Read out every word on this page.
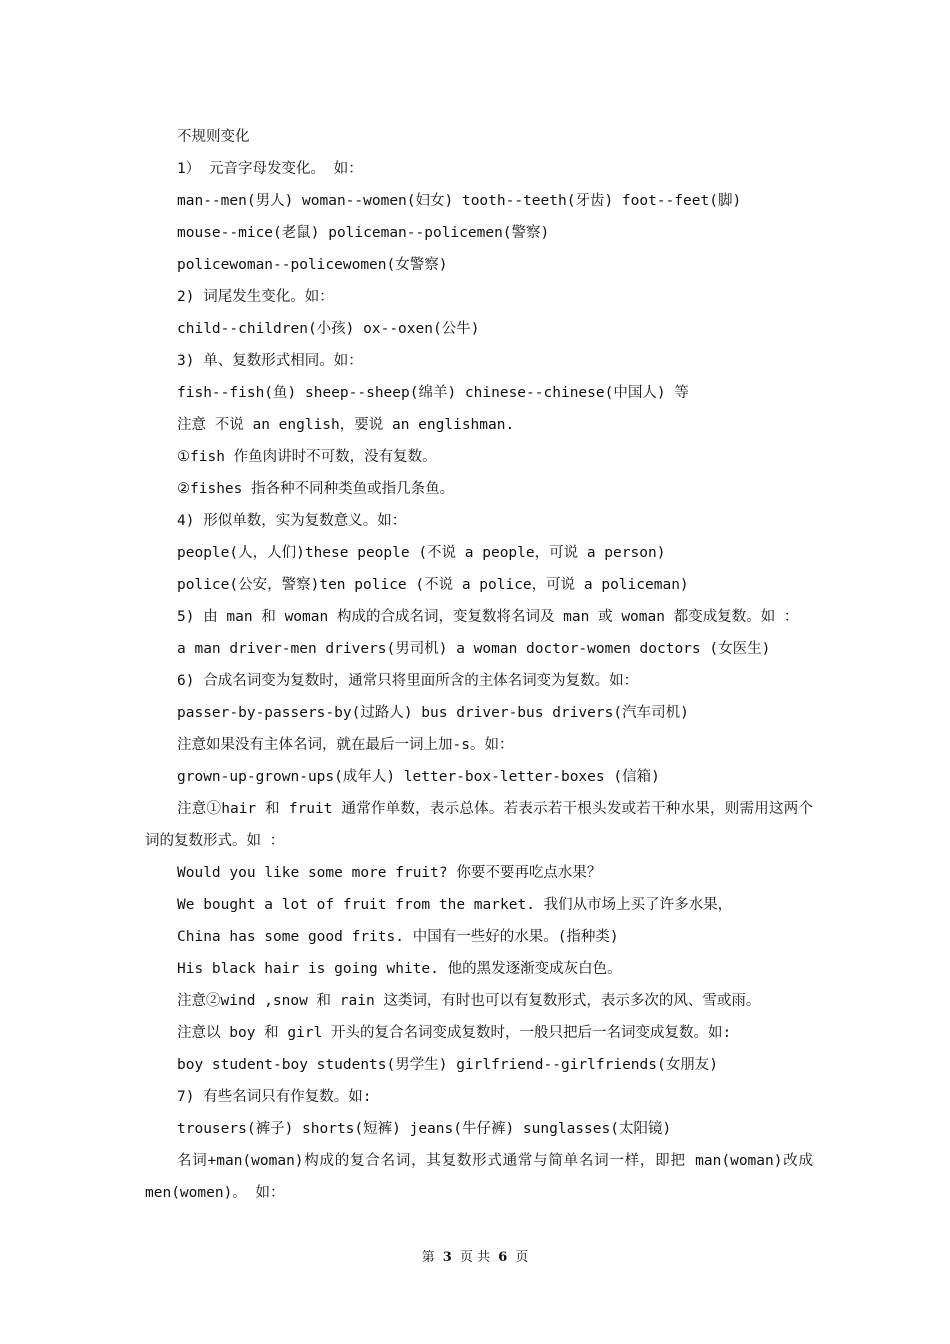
不规则变化
1） 元音字母发变化。 如：
man--men(男人) woman--women(妇女) tooth--teeth(牙齿) foot--feet(脚)
mouse--mice(老鼠) policeman--policemen(警察)
policewoman--policewomen(女警察)
2) 词尾发生变化。如：
child--children(小孩) ox--oxen(公牛)
3) 单、复数形式相同。如：
fish--fish(鱼) sheep--sheep(绵羊) chinese--chinese(中国人) 等
注意 不说 an english，要说 an englishman.
①fish 作鱼肉讲时不可数，没有复数。
②fishes 指各种不同种类鱼或指几条鱼。
4) 形似单数，实为复数意义。如：
people(人，人们)these people (不说 a people，可说 a person)
police(公安，警察)ten police (不说 a police，可说 a policeman)
5) 由 man 和 woman 构成的合成名词，变复数将名词及 man 或 woman 都变成复数。如 ：
a man driver-men drivers(男司机) a woman doctor-women doctors (女医生)
6) 合成名词变为复数时，通常只将里面所含的主体名词变为复数。如：
passer-by-passers-by(过路人) bus driver-bus drivers(汽车司机)
注意如果没有主体名词，就在最后一词上加-s。如：
grown-up-grown-ups(成年人) letter-box-letter-boxes (信箱)
注意①hair 和 fruit 通常作单数，表示总体。若表示若干根头发或若干种水果，则需用这两个词的复数形式。如 ：
Would you like some more fruit? 你要不要再吃点水果？
We bought a lot of fruit from the market. 我们从市场上买了许多水果，
China has some good frits. 中国有一些好的水果。(指种类)
His black hair is going white. 他的黑发逐渐变成灰白色。
注意②wind ,snow 和 rain 这类词，有时也可以有复数形式，表示多次的风、雪或雨。
注意以 boy 和 girl 开头的复合名词变成复数时，一般只把后一名词变成复数。如:
boy student-boy students(男学生) girlfriend--girlfriends(女朋友)
7) 有些名词只有作复数。如:
trousers(裤子) shorts(短裤) jeans(牛仔裤) sunglasses(太阳镜)
名词+man(woman)构成的复合名词，其复数形式通常与简单名词一样，即把 man(woman)改成 men(women)。 如：
第 3 页 共 6 页
